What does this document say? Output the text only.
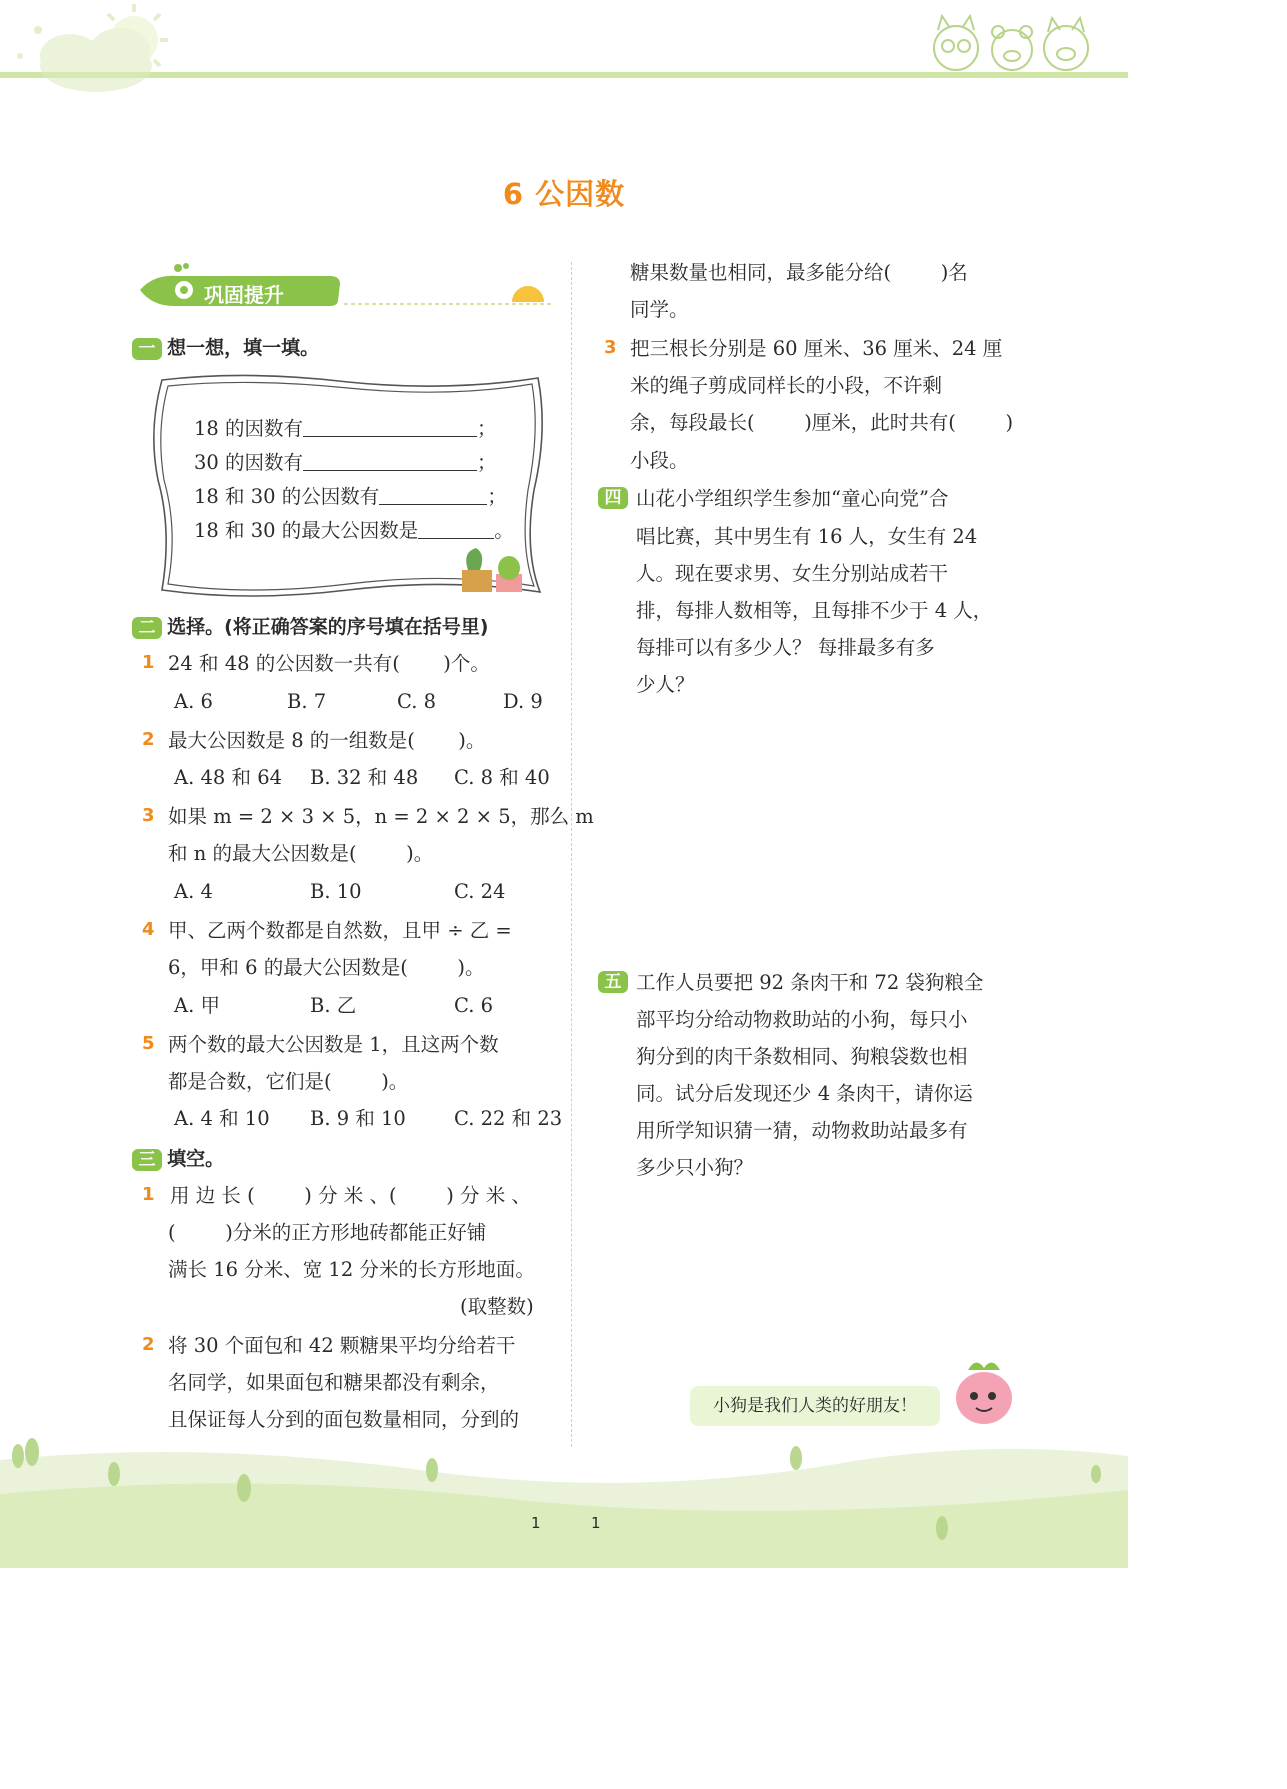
6 公因数
巩固提升
一 想一想，填一填。
18 的因数有	；
30 的因数有	；
18 和 30 的公因数有	；
18 和 30 的最大公因数是	。
二 选择。(将正确答案的序号填在括号里)
1 24 和 48 的公因数一共有(       )个。
A. 6	B. 7	C. 8	D. 9
2 最大公因数是 8 的一组数是(       )。
A. 48 和 64 B. 32 和 48 C. 8 和 40
3 如果 m = 2 × 3 × 5，n = 2 × 2 × 5，那么 m
和 n 的最大公因数是(        )。
A. 4	B. 10	C. 24
4 甲、乙两个数都是自然数，且甲 ÷ 乙 =
6，甲和 6 的最大公因数是(        )。
A. 甲	B. 乙	C. 6
5 两个数的最大公因数是 1，且这两个数
都是合数，它们是(        )。
A. 4 和 10 B. 9 和 10 C. 22 和 23
三 填空。
1 用 边 长 (        ) 分 米 、(        ) 分 米 、
(        )分米的正方形地砖都能正好铺
满长 16 分米、宽 12 分米的长方形地面。
(取整数)
2 将 30 个面包和 42 颗糖果平均分给若干
名同学，如果面包和糖果都没有剩余，
且保证每人分到的面包数量相同，分到的
糖果数量也相同，最多能分给(        )名
同学。
3 把三根长分别是 60 厘米、36 厘米、24 厘
米的绳子剪成同样长的小段，不许剩
余，每段最长(        )厘米，此时共有(        )
小段。
四 山花小学组织学生参加“童心向党”合
唱比赛，其中男生有 16 人，女生有 24
人。现在要求男、女生分别站成若干
排，每排人数相等，且每排不少于 4 人，
每排可以有多少人？ 每排最多有多
少人？
五 工作人员要把 92 条肉干和 72 袋狗粮全
部平均分给动物救助站的小狗，每只小
狗分到的肉干条数相同、狗粮袋数也相
同。试分后发现还少 4 条肉干，请你运
用所学知识猜一猜，动物救助站最多有
多少只小狗？
小狗是我们人类的好朋友！
1	1
